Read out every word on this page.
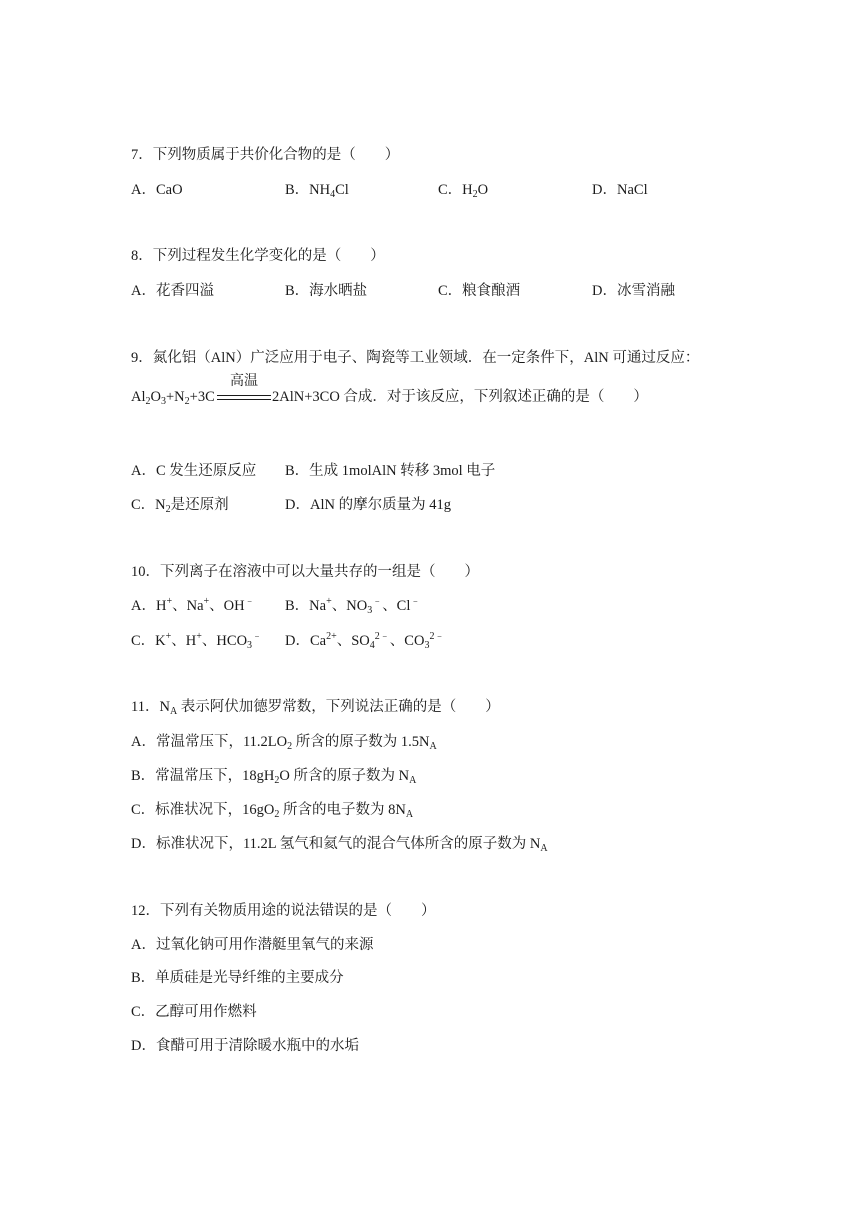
7．下列物质属于共价化合物的是（　　）
A．CaO	B．$NH_4Cl$	C．$H_2O$	D．NaCl
8．下列过程发生化学变化的是（　　）
A．花香四溢	B．海水晒盐	C．粮食酿酒	D．冰雪消融
9．氮化铝（AlN）广泛应用于电子、陶瓷等工业领域．在一定条件下，AlN 可通过反应：
$Al_2O_3+N_2+3C$
高温
2AlN+3CO 合成．对于该反应，下列叙述正确的是（　　）
A．C 发生还原反应 B．生成 1molAlN 转移 3mol 电子
C．$N_2$是还原剂	D．AlN 的摩尔质量为 41g
10．下列离子在溶液中可以大量共存的一组是（　　）
A．H+、Na+、OH﹣ B．Na+、$NO_3^﹣$、Cl﹣
C．K+、H+、$HCO_3^﹣$ D．$Ca^{2+}$、$SO_4^{2﹣}$、$CO_3^{2﹣}$
11．$N_A$ 表示阿伏加德罗常数，下列说法正确的是（　　）
A．常温常压下，$11.2LO_2$ 所含的原子数为 $1.5N_A$
B．常温常压下，$18gH_2O$ 所含的原子数为 $N_A$
C．标准状况下，$16gO_2$ 所含的电子数为 $8N_A$
D．标准状况下，11.2L 氢气和氦气的混合气体所含的原子数为 $N_A$
12．下列有关物质用途的说法错误的是（　　）
A．过氧化钠可用作潜艇里氧气的来源
B．单质硅是光导纤维的主要成分
C．乙醇可用作燃料
D．食醋可用于清除暖水瓶中的水垢
